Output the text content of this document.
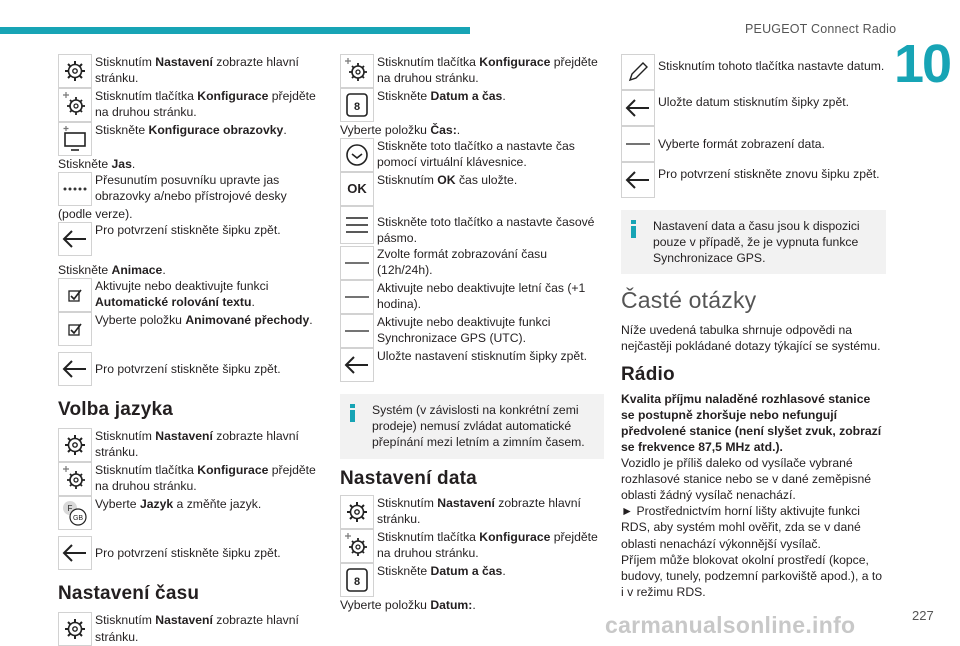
PEUGEOT Connect Radio
10
Stisknutím Nastavení zobrazte hlavní stránku.
Stisknutím tlačítka Konfigurace přejděte na druhou stránku.
Stiskněte Konfigurace obrazovky.
Stiskněte Jas.
Přesunutím posuvníku upravte jas obrazovky a/nebo přístrojové desky
(podle verze).
Pro potvrzení stiskněte šipku zpět.
Stiskněte Animace.
Aktivujte nebo deaktivujte funkci Automatické rolování textu.
Vyberte položku Animované přechody.
Pro potvrzení stiskněte šipku zpět.
Volba jazyka
Stisknutím Nastavení zobrazte hlavní stránku.
Stisknutím tlačítka Konfigurace přejděte na druhou stránku.
F
GB
Vyberte Jazyk a změňte jazyk.
Pro potvrzení stiskněte šipku zpět.
Nastavení času
Stisknutím Nastavení zobrazte hlavní stránku.
Stisknutím tlačítka Konfigurace přejděte na druhou stránku.
8
Stiskněte Datum a čas.
Vyberte položku Čas:.
Stiskněte toto tlačítko a nastavte čas pomocí virtuální klávesnice.
OK
Stisknutím OK čas uložte.
Stiskněte toto tlačítko a nastavte časové pásmo.
Zvolte formát zobrazování času (12h/24h).
Aktivujte nebo deaktivujte letní čas (+1 hodina).
Aktivujte nebo deaktivujte funkci Synchronizace GPS (UTC).
Uložte nastavení stisknutím šipky zpět.
Systém (v závislosti na konkrétní zemi prodeje) nemusí zvládat automatické přepínání mezi letním a zimním časem.
Nastavení data
Stisknutím Nastavení zobrazte hlavní stránku.
Stisknutím tlačítka Konfigurace přejděte na druhou stránku.
8
Stiskněte Datum a čas.
Vyberte položku Datum:.
Stisknutím tohoto tlačítka nastavte datum.
Uložte datum stisknutím šipky zpět.
Vyberte formát zobrazení data.
Pro potvrzení stiskněte znovu šipku zpět.
Nastavení data a času jsou k dispozici pouze v případě, že je vypnuta funkce Synchronizace GPS.
Časté otázky
Níže uvedená tabulka shrnuje odpovědi na nejčastěji pokládané dotazy týkající se systému.
Rádio
Kvalita příjmu naladěné rozhlasové stanice se postupně zhoršuje nebo nefungují předvolené stanice (není slyšet zvuk, zobrazí se frekvence 87,5 MHz atd.).
Vozidlo je příliš daleko od vysílače vybrané rozhlasové stanice nebo se v dané zeměpisné oblasti žádný vysílač nenachází.
► Prostřednictvím horní lišty aktivujte funkci RDS, aby systém mohl ověřit, zda se v dané oblasti nenachází výkonnější vysílač.
Příjem může blokovat okolní prostředí (kopce, budovy, tunely, podzemní parkoviště apod.), a to i v režimu RDS.
carmanualsonline.info	227
